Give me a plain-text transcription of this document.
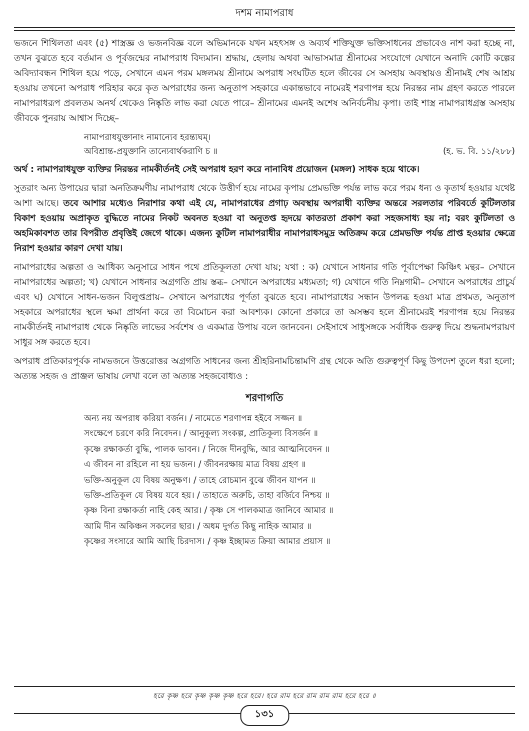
দশম নামাপরাধ

ভজনে শিথিলতা এবং (৫) শাস্ত্রজ্ঞ ও ভজনবিজ্ঞ বলে অভিমানকে যখন মহৎসঙ্গ ও অব্যর্থ শক্তিযুক্ত ভক্তিসাধনের প্রভাবেও নাশ করা হচ্ছে না, তখন বুঝতে হবে বর্তমান ও পূর্বজন্মের নামাপরাধ বিদ্যমান। শ্রদ্ধায়, হেলায় অথবা আভাসমাত্র শ্রীনামের সংযোগে যেখানে অনাদি কোটি কল্পের অবিদ্যাবন্ধন শিথিল হয়ে পড়ে, সেখানে এমন পরম মঙ্গলময় শ্রীনামে অপরাধ সংঘটিত হলে জীবের সে অসহায় অবস্থায়ও শ্রীনামই শেষ আশ্রয় হওয়ায় তখনো অপরাধ পরিহার করে কৃত অপরাধের জন্য অনুতাপ সহকারে একান্তভাবে নামেরই শরণাপন্ন হয়ে নিরন্তর নাম গ্রহণ করতে পারলে নামাপরাধরূপ প্রবলতম অনর্থ থেকেও নিষ্কৃতি লাভ করা যেতে পারে– শ্রীনামের এমনই অশেষ অনির্বচনীয় কৃপা। তাই শাস্ত্র নামাপরাধগ্রস্ত অসহায় জীবকে পুনরায় আশ্বাস দিচ্ছে–

নামাপরাধযুক্তানাং নামান্যেব হরন্ত্যঘম্।
অবিশ্রান্ত-প্রযুক্তানি তান্যেবার্থকরাণি চ ॥	(হ. ভ. বি. ১১/২৮৮)

অর্থ : নামাপরাধযুক্ত ব্যক্তির নিরন্তর নামকীর্তনই সেই অপরাধ হরণ করে নানাবিধ প্রয়োজন (মঙ্গল) সাধক হয়ে থাকে।

সুতরাং অন্য উপায়ের দ্বারা অনতিক্রমণীয় নামাপরাধ থেকে উত্তীর্ণ হয়ে নামের কৃপায় প্রেমভক্তি পর্যন্ত লাভ করে পরম ধন্য ও কৃতার্থ হওয়ার যথেষ্ট আশা আছে। তবে আশার মধ্যেও নিরাশার কথা এই যে, নামাপরাধের প্রগাঢ় অবস্থায় অপরাধী ব্যক্তির অন্তরে সরলতার পরিবর্তে কুটিলতার বিকাশ হওয়ায় অপ্রাকৃত বুদ্ধিতে নামের নিকট অবনত হওয়া বা অনুতপ্ত হৃদয়ে কাতরতা প্রকাশ করা সহজসাধ্য হয় না; বরং কুটিলতা ও অহমিকাবশত তার বিপরীত প্রবৃত্তিই জেগে থাকে। এজন্য কুটিল নামাপরাধীর নামাপরাধসমুদ্র অতিক্রম করে প্রেমভক্তি পর্যন্ত প্রাপ্ত হওয়ার ক্ষেত্রে নিরাশ হওয়ার কারণ দেখা যায়।

নামাপরাধের অল্পতা ও আধিক্য অনুসারে সাধন পথে প্রতিকূলতা দেখা যায়; যথা : ক) যেখানে সাধনার গতি পূর্বাপেক্ষা কিঞ্চিৎ মন্থর– সেখানে নামাপরাধের অল্পতা; খ) যেখানে সাধনার অগ্রগতি প্রায় স্তব্ধ– সেখানে অপরাধের মধ্যমতা; গ) যেখানে গতি নিম্নগামী– সেখানে অপরাধের প্রাচুর্য এবং ঘ) যেখানে সাধন-ভজন বিলুপ্তপ্রায়– সেখানে অপরাধের পূর্ণতা বুঝতে হবে। নামাপরাধের সন্ধান উপলব্ধ হওয়া মাত্র প্রথমত, অনুতাপ সহকারে অপরাধের স্থলে ক্ষমা প্রার্থনা করে তা বিমোচন করা আবশ্যক। কোনো প্রকারে তা অসম্ভব হলে শ্রীনামেরই শরণাপন্ন হয়ে নিরন্তর নামকীর্তনই নামাপরাধ থেকে নিষ্কৃতি লাভের সর্বশেষ ও একমাত্র উপায় বলে জানবেন। সেইসাথে সাধুসঙ্গকে সর্বাধিক গুরুত্ব দিয়ে শুদ্ধনামপরায়ণ সাধুর সঙ্গ করতে হবে।

অপরাধ প্রতিকারপূর্বক নামভজনে উত্তরোত্তর অগ্রগতি সাধনের জন্য শ্রীহরিনামচিন্তামণি গ্রন্থ থেকে অতি গুরুত্বপূর্ণ কিছু উপদেশ তুলে ধরা হলো; অত্যন্ত সহজ ও প্রাঞ্জল ভাষায় লেখা বলে তা অত্যন্ত সহজবোধ্যও :

শরণাগতি
অন্য নয় অপরাধ করিয়া বর্জন। / নামেতে শরণাপন্ন হইবে সজ্জন ॥
সংক্ষেপে চরণে করি নিবেদন। / আনুকূল্য সংকল্প, প্রাতিকূল্য বিসর্জন ॥
কৃষ্ণে রক্ষাকর্তা বুদ্ধি, পালক ভাবন। / নিজে দীনবুদ্ধি, আর আত্মনিবেদন ॥
এ জীবন না রহিলে না হয় ভজন। / জীবনরক্ষায় মাত্র বিষয় গ্রহণ ॥
ভক্তি-অনুকূল যে বিষয় অনুক্ষণ। / তাহে রোচমান বুঝে জীবন যাপন ॥
ভক্তি-প্রতিকূল যে বিষয় যবে হয়। / তাহাতে অরুচি, তাহা বর্জিবে নিশ্চয় ॥
কৃষ্ণ বিনা রক্ষাকর্তা নাহি কেহ আর। / কৃষ্ণ সে পালকমাত্র জানিবে আমার ॥
আমি দীন অকিঞ্চন সকলের ছার। / অধম দুর্গত কিছু নাহিক আমার ॥
কৃষ্ণের সংসারে আমি আছি চিরদাস। / কৃষ্ণ ইচ্ছামত ক্রিয়া আমার প্রয়াস ॥
হরে কৃষ্ণ হরে কৃষ্ণ কৃষ্ণ কৃষ্ণ হরে হরে। হরে রাম হরে রাম রাম রাম হরে হরে ॥
১৩১
